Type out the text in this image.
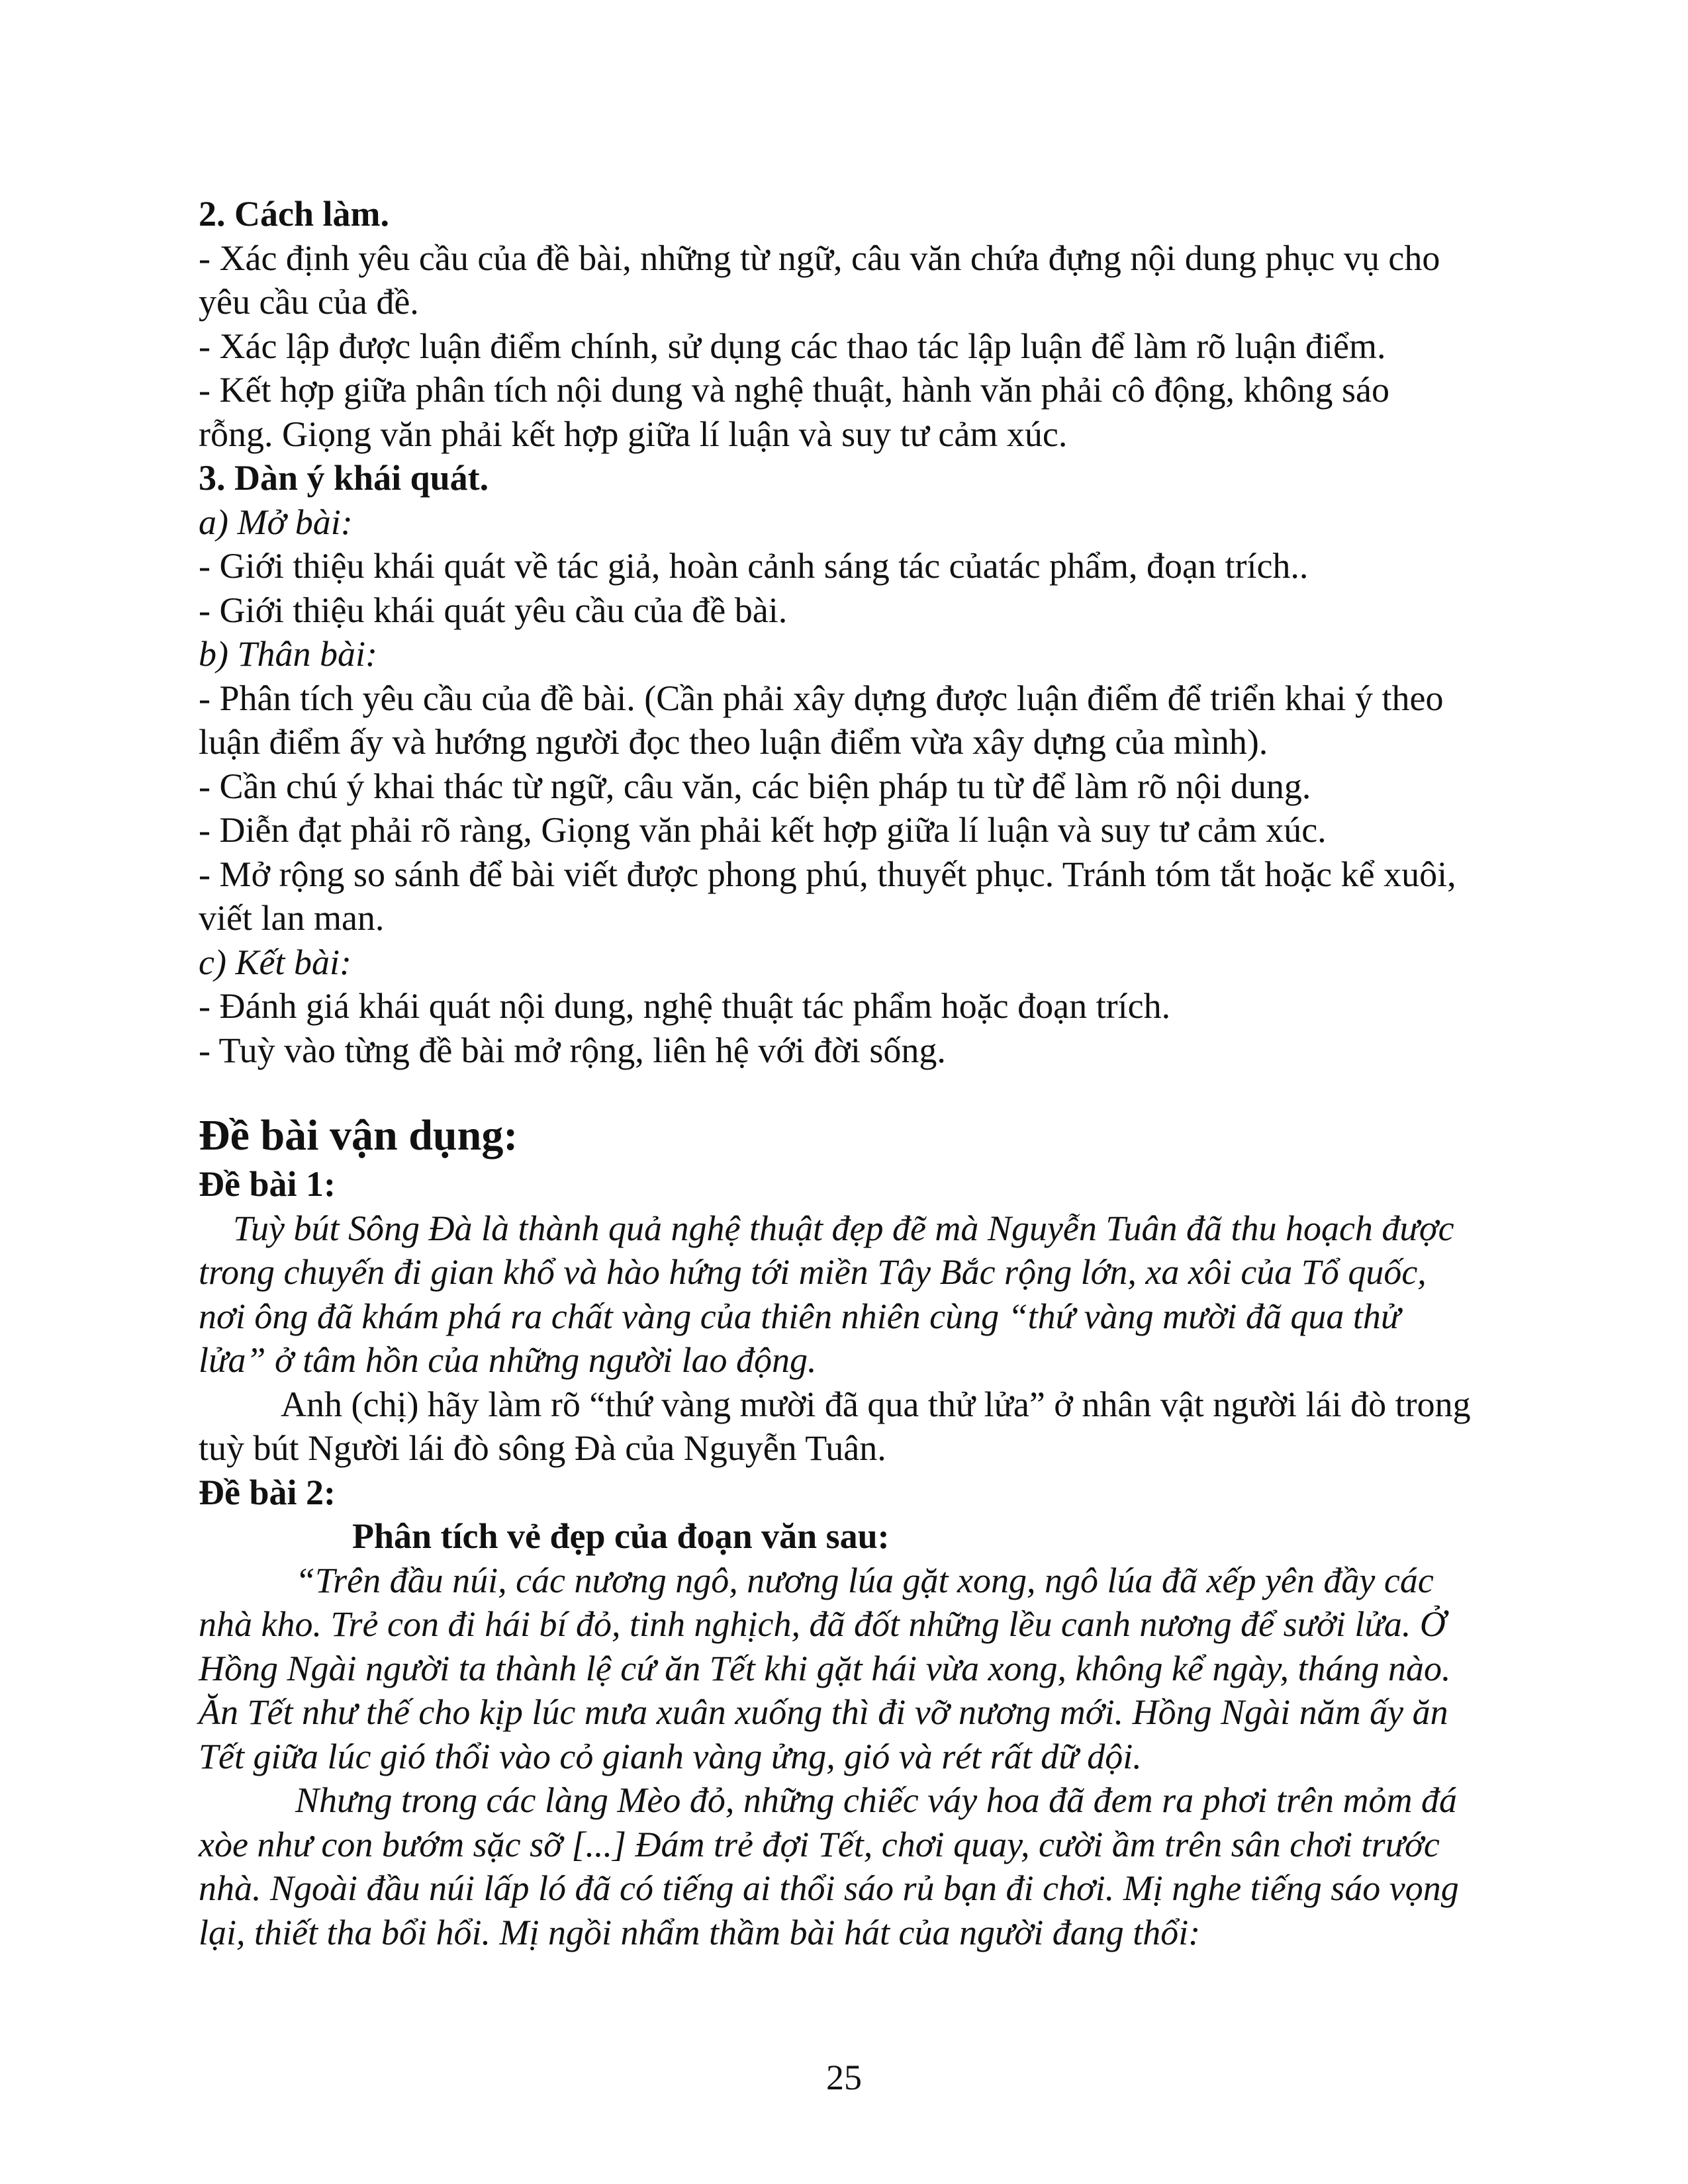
2. Cách làm.
- Xác định yêu cầu của đề bài, những từ ngữ, câu văn chứa đựng nội dung phục vụ cho
yêu cầu của đề.
- Xác lập được luận điểm chính, sử dụng các thao tác lập luận để làm rõ luận điểm.
- Kết hợp giữa phân tích nội dung và nghệ thuật, hành văn phải cô động, không sáo
rỗng. Giọng văn phải kết hợp giữa lí luận và suy tư cảm xúc.
3. Dàn ý khái quát.
a) Mở bài:
- Giới thiệu khái quát về tác giả, hoàn cảnh sáng tác củatác phẩm, đoạn trích..
- Giới thiệu khái quát yêu cầu của đề bài.
b) Thân bài:
- Phân tích yêu cầu của đề bài. (Cần phải xây dựng được luận điểm để triển khai ý theo
luận điểm ấy và hướng người đọc theo luận điểm vừa xây dựng của mình).
- Cần chú ý khai thác từ ngữ, câu văn, các biện pháp tu từ để làm rõ nội dung.
- Diễn đạt phải rõ ràng, Giọng văn phải kết hợp giữa lí luận và suy tư cảm xúc.
- Mở rộng so sánh để bài viết được phong phú, thuyết phục. Tránh tóm tắt hoặc kể xuôi,
viết lan man.
c) Kết bài:
- Đánh giá khái quát nội dung, nghệ thuật tác phẩm hoặc đoạn trích.
- Tuỳ vào từng đề bài mở rộng, liên hệ với đời sống.
Đề bài vận dụng:
Đề bài 1:
Tuỳ bút Sông Đà là thành quả nghệ thuật đẹp đẽ mà Nguyễn Tuân đã thu hoạch được
trong chuyến đi gian khổ và hào hứng tới miền Tây Bắc rộng lớn, xa xôi của Tổ quốc,
nơi ông đã khám phá ra chất vàng của thiên nhiên cùng “thứ vàng mười đã qua thử
lửa” ở tâm hồn của những người lao động.
Anh (chị) hãy làm rõ “thứ vàng mười đã qua thử lửa” ở nhân vật người lái đò trong
tuỳ bút Người lái đò sông Đà của Nguyễn Tuân.
Đề bài 2:
Phân tích vẻ đẹp của đoạn văn sau:
“Trên đầu núi, các nương ngô, nương lúa gặt xong, ngô lúa đã xếp yên đầy các
nhà kho. Trẻ con đi hái bí đỏ, tinh nghịch, đã đốt những lều canh nương để sưởi lửa. Ở
Hồng Ngài người ta thành lệ cứ ăn Tết khi gặt hái vừa xong, không kể ngày, tháng nào.
Ăn Tết như thế cho kịp lúc mưa xuân xuống thì đi vỡ nương mới. Hồng Ngài năm ấy ăn
Tết giữa lúc gió thổi vào cỏ gianh vàng ửng, gió và rét rất dữ dội.
Nhưng trong các làng Mèo đỏ, những chiếc váy hoa đã đem ra phơi trên mỏm đá
xòe như con bướm sặc sỡ [...] Đám trẻ đợi Tết, chơi quay, cười ầm trên sân chơi trước
nhà. Ngoài đầu núi lấp ló đã có tiếng ai thổi sáo rủ bạn đi chơi. Mị nghe tiếng sáo vọng
lại, thiết tha bổi hổi. Mị ngồi nhẩm thầm bài hát của người đang thổi:
25
